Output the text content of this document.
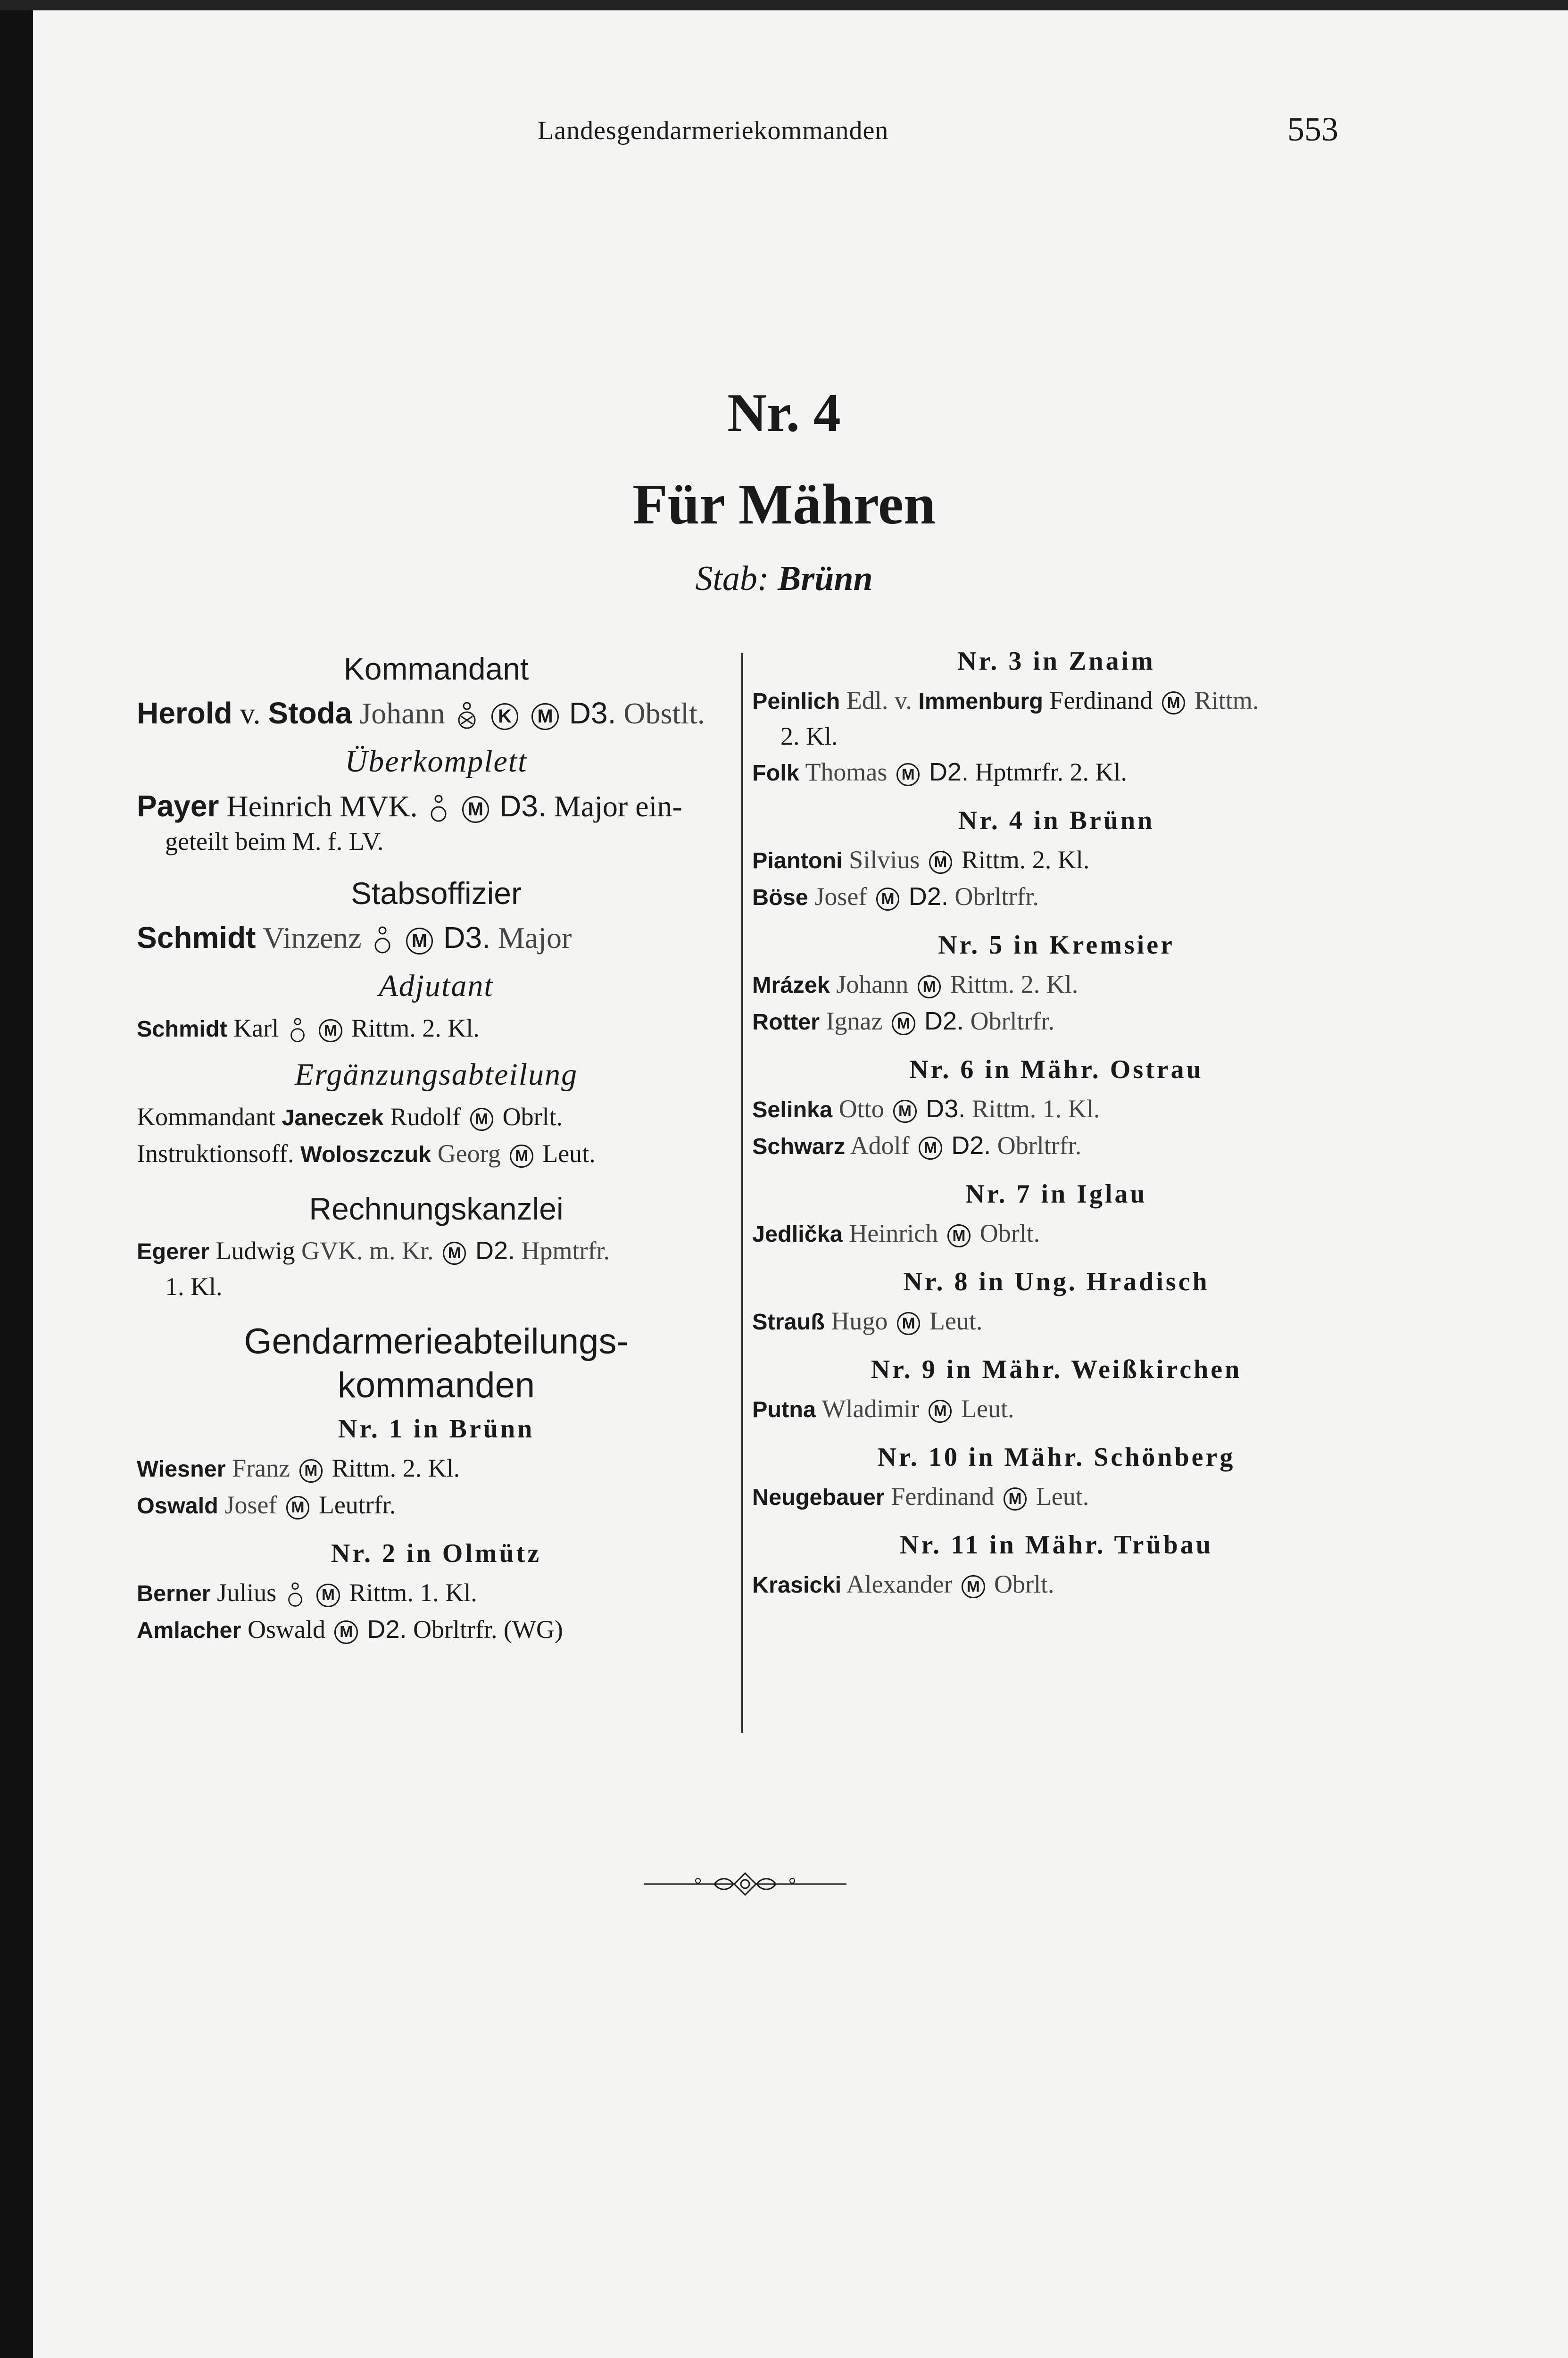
Landesgendarmeriekommanden	553
Nr. 4
Für Mähren
Stab: Brünn
Kommandant
Herold v. Stoda Johann	K M D3. Obstlt.
Überkomplett
Payer Heinrich MVK.	M D3. Major ein-
geteilt beim M. f. LV.
Stabsoffizier
Schmidt Vinzenz	M D3. Major
Adjutant
Schmidt Karl	M Rittm. 2. Kl.
Ergänzungsabteilung
Kommandant Janeczek Rudolf M Obrlt.
Instruktionsoff. Woloszczuk Georg M Leut.
Rechnungskanzlei
Egerer Ludwig GVK. m. Kr. M D2. Hpmtrfr.
1. Kl.
Gendarmerieabteilungs-
kommanden
Nr. 1 in Brünn
Wiesner Franz M Rittm. 2. Kl.
Oswald Josef M Leutrfr.
Nr. 2 in Olmütz
Berner Julius	M Rittm. 1. Kl.
Amlacher Oswald M D2. Obrltrfr. (WG)
Nr. 3 in Znaim
Peinlich Edl. v. Immenburg Ferdinand M Rittm.
2. Kl.
Folk Thomas M D2. Hptmrfr. 2. Kl.
Nr. 4 in Brünn
Piantoni Silvius M Rittm. 2. Kl.
Böse Josef M D2. Obrltrfr.
Nr. 5 in Kremsier
Mrázek Johann M Rittm. 2. Kl.
Rotter Ignaz M D2. Obrltrfr.
Nr. 6 in Mähr. Ostrau
Selinka Otto M D3. Rittm. 1. Kl.
Schwarz Adolf M D2. Obrltrfr.
Nr. 7 in Iglau
Jedlička Heinrich M Obrlt.
Nr. 8 in Ung. Hradisch
Strauß Hugo M Leut.
Nr. 9 in Mähr. Weißkirchen
Putna Wladimir M Leut.
Nr. 10 in Mähr. Schönberg
Neugebauer Ferdinand M Leut.
Nr. 11 in Mähr. Trübau
Krasicki Alexander M Obrlt.
